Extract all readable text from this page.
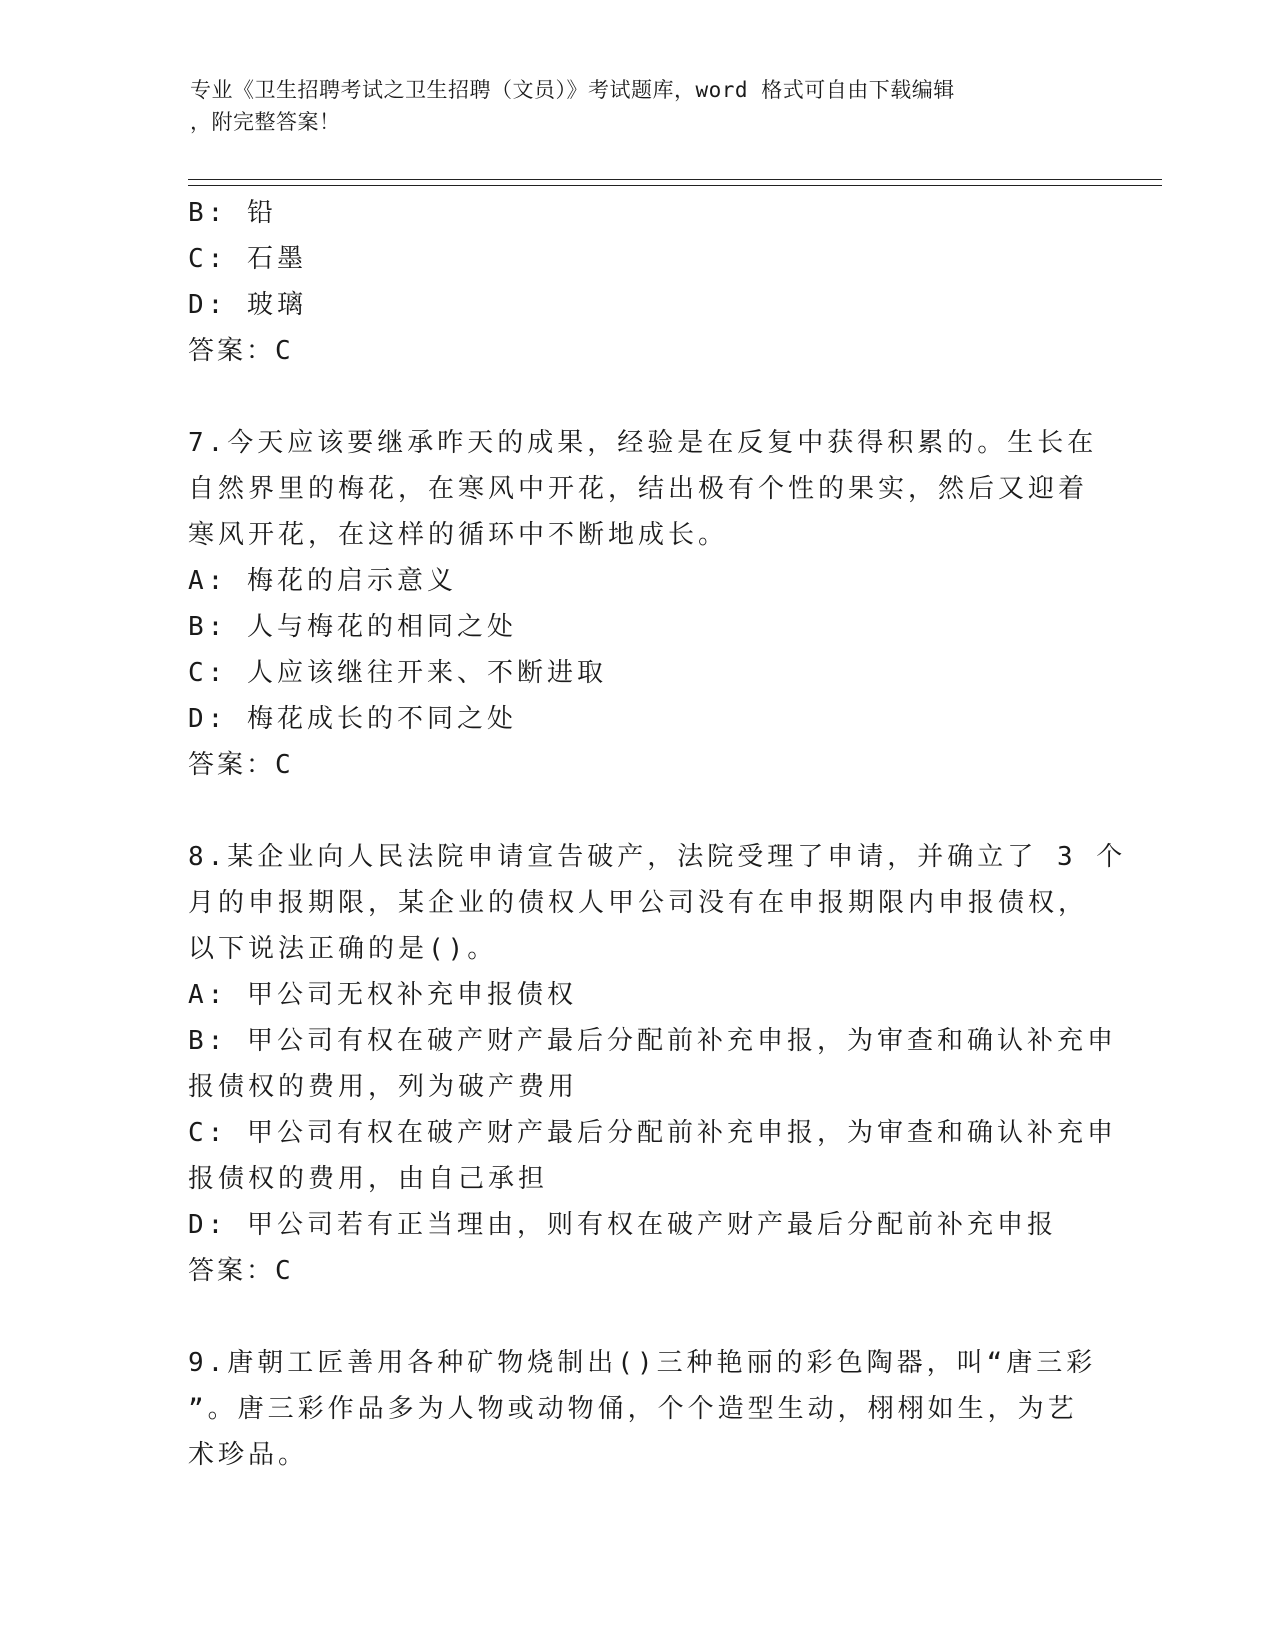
专业《卫生招聘考试之卫生招聘（文员）》考试题库，word 格式可自由下载编辑
，附完整答案！
B: 铅
C: 石墨
D: 玻璃
答案：C
7.今天应该要继承昨天的成果，经验是在反复中获得积累的。生长在
自然界里的梅花，在寒风中开花，结出极有个性的果实，然后又迎着
寒风开花，在这样的循环中不断地成长。
A: 梅花的启示意义
B: 人与梅花的相同之处
C: 人应该继往开来、不断进取
D: 梅花成长的不同之处
答案：C
8.某企业向人民法院申请宣告破产，法院受理了申请，并确立了 3 个
月的申报期限，某企业的债权人甲公司没有在申报期限内申报债权，
以下说法正确的是()。
A: 甲公司无权补充申报债权
B: 甲公司有权在破产财产最后分配前补充申报，为审查和确认补充申
报债权的费用，列为破产费用
C: 甲公司有权在破产财产最后分配前补充申报，为审查和确认补充申
报债权的费用，由自己承担
D: 甲公司若有正当理由，则有权在破产财产最后分配前补充申报
答案：C
9.唐朝工匠善用各种矿物烧制出()三种艳丽的彩色陶器，叫“唐三彩
”。唐三彩作品多为人物或动物俑，个个造型生动，栩栩如生，为艺
术珍品。
